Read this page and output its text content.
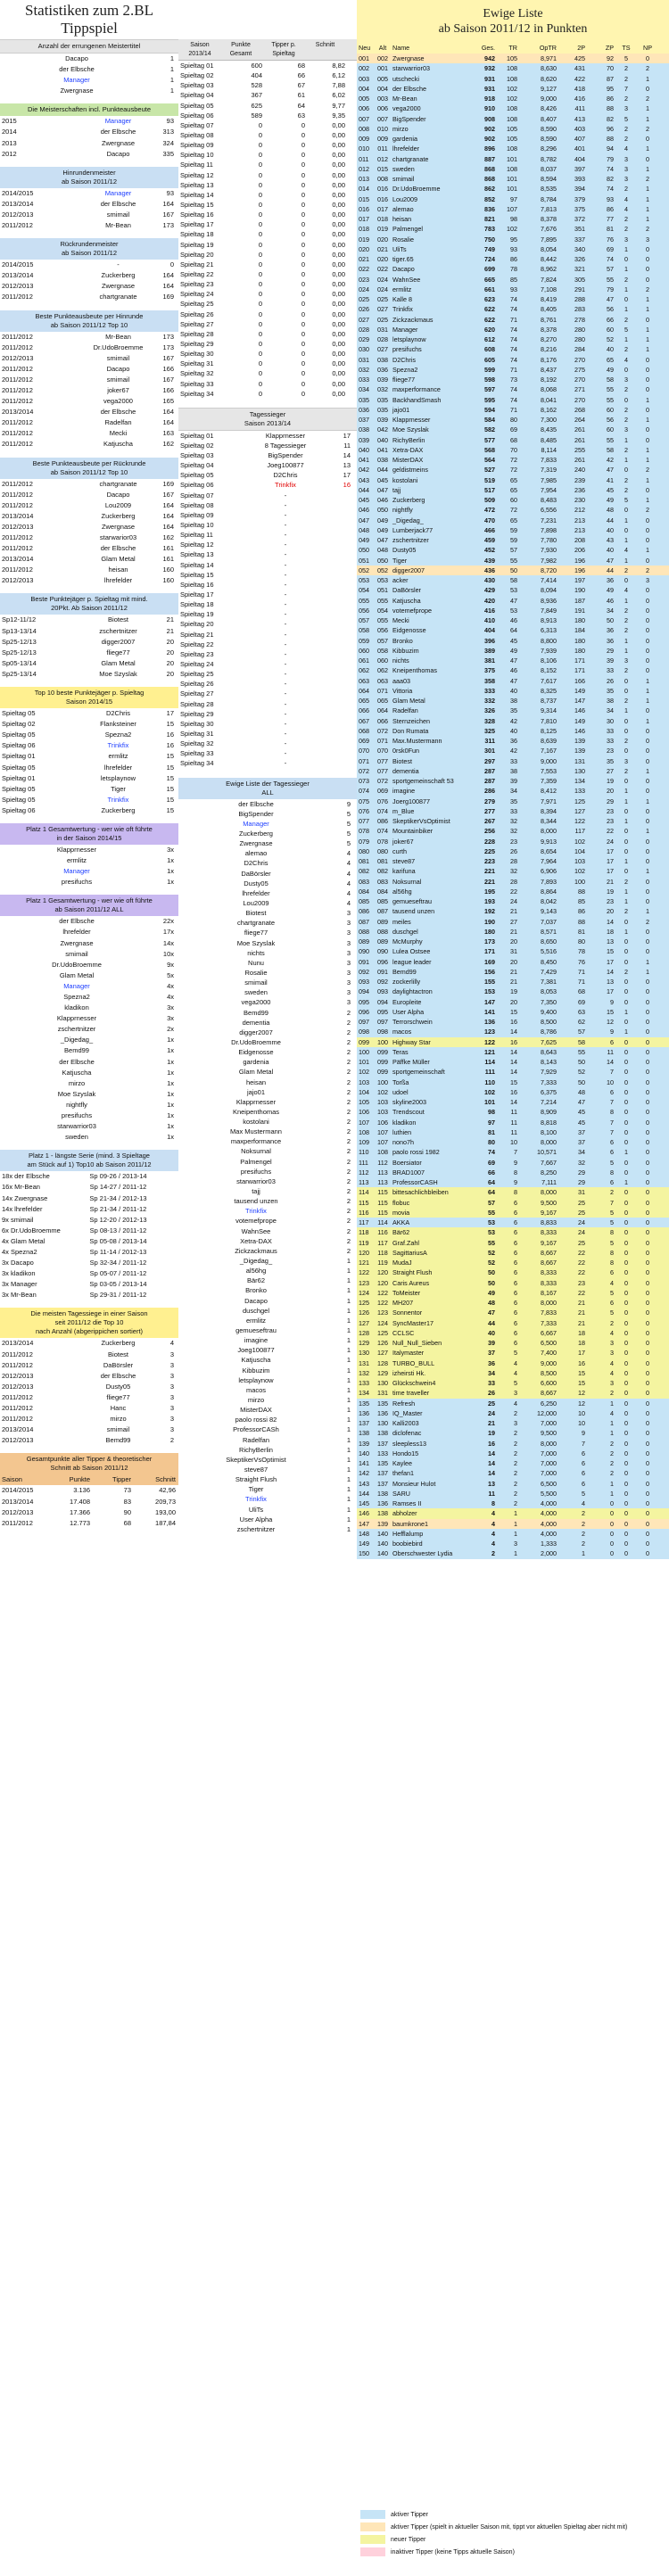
Statistiken zum 2.BL Tippspiel
Anzahl der errungenen Meistertitel
Dacapo	1
der Elbsche	1
Manager	1
Zwergnase	1
Die Meisterschaften incl. Punkteausbeute
2015	Manager	93
2014	der Elbsche	313
2013	Zwergnase	324
2012	Dacapo	335
Hinrundenmeister
ab Saison 2011/12
2014/2015	Manager	93
2013/2014	der Elbsche	164
2012/2013	smimail	167
2011/2012	Mr-Bean	173
Rückrundenmeister
ab Saison 2011/12
2014/2015	-	0
2013/2014	Zuckerberg	164
2012/2013	Zwergnase	164
2011/2012	chartgranate	169
Beste Punkteausbeute per Hinrunde
ab Saison 2011/12 Top 10
2011/2012	Mr-Bean	173
2011/2012	Dr.UdoBroemme	173
2012/2013	smimail	167
2011/2012	Dacapo	166
2011/2012	smimail	167
2011/2012	joker67	166
2011/2012	vega2000	165
2013/2014	der Elbsche	164
2011/2012	Radelfan	164
2011/2012	Mecki	163
2011/2012	Katjuscha	162
Beste Punkteausbeute per Rückrunde
ab Saison 2011/12 Top 10
2011/2012	chartgranate	169
2011/2012	Dacapo	167
2011/2012	Lou2009	164
2013/2014	Zuckerberg	164
2012/2013	Zwergnase	164
2011/2012	starwarior03	162
2011/2012	der Elbsche	161
2013/2014	Glam Metal	161
2011/2012	heisan	160
2012/2013	lhrefelder	160
Beste Punktejäger p. Spieltag mit mind.
20Pkt. Ab Saison 2011/12
Sp12-11/12	Biotest	21
Sp13-13/14	zschertnitzer	21
Sp25-12/13	digger2007	20
Sp25-12/13	fliege77	20
Sp05-13/14	Glam Metal	20
Sp25-13/14	Moe Szyslak	20
Top 10 beste Punktejäger p. Spieltag
Saison 2014/15
Spieltag 05	D2Chris	17
Spieltag 02	Flanksteiner	15
Spieltag 05	Spezna2	16
Spieltag 06	Trinkfix	16
Spieltag 01	ermlitz	15
Spieltag 05	lhrefelder	15
Spieltag 01	letsplaynow	15
Spieltag 05	Tiger	15
Spieltag 05	Trinkfix	15
Spieltag 06	Zuckerberg	15
Platz 1 Gesamtwertung - wer wie oft führte
in der Saison 2014/15
Klapprnesser	3x
ermlitz	1x
Manager	1x
presifuchs	1x
Platz 1 Gesamtwertung - wer wie oft führte
ab Saison 2011/12 ALL
der Elbsche	22x
lhrefelder	17x
Zwergnase	14x
smimail	10x
Dr.UdoBroemme	9x
Glam Metal	5x
Manager	4x
Spezna2	4x
kladikon	3x
Klapprnesser	3x
zschertnitzer	2x
_Digedag_	1x
Bemd99	1x
der Elbsche	1x
Katjuscha	1x
mirzo	1x
Moe Szyslak	1x
nightfly	1x
presifuchs	1x
starwarrior03	1x
sweden	1x
Platz 1 - längste Serie (mind. 3 Spieltage
am Stück auf 1) Top10 ab Saison 2011/12
18x der Elbsche	Sp 09-26 / 2013-14
16x Mr-Bean	Sp 14-27 / 2011-12
14x Zwergnase	Sp 21-34 / 2012-13
14x lhrefelder	Sp 21-34 / 2011-12
9x smimail	Sp 12-20 / 2012-13
6x Dr.UdoBroemme	Sp 08-13 / 2011-12
4x Glam Metal	Sp 05-08 / 2013-14
4x Spezna2	Sp 11-14 / 2012-13
3x Dacapo	Sp 32-34 / 2011-12
3x kladikon	Sp 05-07 / 2011-12
3x Manager	Sp 03-05 / 2013-14
3x Mr-Bean	Sp 29-31 / 2011-12
Die meisten Tagessiege in einer Saison
seit 2011/12 die Top 10
nach Anzahl (abgerippichen sortiert)
2013/2014	Zuckerberg	4
2011/2012	Biotest	3
2011/2012	DaBörsler	3
2012/2013	der Elbsche	3
2012/2013	Dusty05	3
2011/2012	fliege77	3
2011/2012	Hanc	3
2011/2012	mirzo	3
2013/2014	smimail	3
2012/2013	Bemd99	2
Gesamtpunkte aller Tipper & theoretischer
Schnitt ab Saison 2011/12
Saison	Punkte	Tipper	Schnitt
2014/2015	3.136	73	42,96
2013/2014	17.408	83	209,73
2012/2013	17.366	90	193,00
2011/2012	12.773	68	187,84
Saison 2013/14
Punkte Gesamt
Tipper p. Spieltag
Schnitt
Spieltag 01	600	68	8,82
Spieltag 02	404	66	6,12
Spieltag 03	528	67	7,88
Spieltag 04	367	61	6,02
Spieltag 05	625	64	9,77
Spieltag 06	589	63	9,35
Spieltag 07	0	0	0,00
Spieltag 08	0	0	0,00
Spieltag 09	0	0	0,00
Spieltag 10	0	0	0,00
Spieltag 11	0	0	0,00
Spieltag 12	0	0	0,00
Spieltag 13	0	0	0,00
Spieltag 14	0	0	0,00
Spieltag 15	0	0	0,00
Spieltag 16	0	0	0,00
Spieltag 17	0	0	0,00
Spieltag 18	0	0	0,00
Spieltag 19	0	0	0,00
Spieltag 20	0	0	0,00
Spieltag 21	0	0	0,00
Spieltag 22	0	0	0,00
Spieltag 23	0	0	0,00
Spieltag 24	0	0	0,00
Spieltag 25	0	0	0,00
Spieltag 26	0	0	0,00
Spieltag 27	0	0	0,00
Spieltag 28	0	0	0,00
Spieltag 29	0	0	0,00
Spieltag 30	0	0	0,00
Spieltag 31	0	0	0,00
Spieltag 32	0	0	0,00
Spieltag 33	0	0	0,00
Spieltag 34	0	0	0,00
Tagessieger
Saison 2013/14
Spieltag 01	Klapprnesser	17
Spieltag 02	8 Tagessieger	11
Spieltag 03	BigSpender	14
Spieltag 04	Joeg100877	13
Spieltag 05	D2Chris	17
Spieltag 06	Trinkfix	16
Spieltag 07	-
Spieltag 08	-
Spieltag 09	-
Spieltag 10	-
Spieltag 11	-
Spieltag 12	-
Spieltag 13	-
Spieltag 14	-
Spieltag 15	-
Spieltag 16	-
Spieltag 17	-
Spieltag 18	-
Spieltag 19	-
Spieltag 20	-
Spieltag 21	-
Spieltag 22	-
Spieltag 23	-
Spieltag 24	-
Spieltag 25	-
Spieltag 26	-
Spieltag 27	-
Spieltag 28	-
Spieltag 29	-
Spieltag 30	-
Spieltag 31	-
Spieltag 32	-
Spieltag 33	-
Spieltag 34	-
Ewige Liste der Tagessieger
ALL
der Elbsche	9
BigSpender	5
Manager	5
Zuckerberg	5
Zwergnase	5
alemao	4
D2Chris	4
DaBörsler	4
Dusty05	4
lhrefelder	4
Lou2009	4
Biotest	3
chartgranate	3
fliege77	3
Moe Szyslak	3
nichts	3
Nunu	3
Rosalie	3
smimail	3
sweden	3
vega2000	3
Bemd99	2
dementia	2
digger2007	2
Dr.UdoBroemme	2
Eidgenosse	2
gardenia	2
Glam Metal	2
heisan	2
jajo01	2
Klapprnesser	2
Kneipenthomas	2
kostolani	2
Max Mustermann	2
maxperformance	2
Noksurnal	2
Palmengel	2
presifuchs	2
starwarrior03	2
tajj	2
tausend unzen	2
Trinkfix	2
votemefprope	2
WahnSee	2
Xetra-DAX	2
Zickzackmaus	2
_Digedag_	1
al56hg	1
Bär62	1
Bronko	1
Dacapo	1
duschgel	1
ermlitz	1
gemueseftrau	1
imagine	1
Joeg100877	1
Katjuscha	1
Kibbuzim	1
letsplaynow	1
macos	1
mirzo	1
MisterDAX	1
paolo rossi 82	1
ProfessorCASh	1
Radelfan	1
RichyBerlin	1
SkeptikerVsOptimist	1
steve87	1
Straight Flush	1
Tiger	1
Trinkfix	1
UliTs	1
User Alpha	1
zschertnitzer	1
Ewige Liste
ab Saison 2011/12 in Punkten
Neu	Alt Name	Ges.	TR	OpTR	2P	ZP	TS	NP
001	002 Zwergnase	942	105	8,971	425	92	5	0
002	001 starwarrior03	932	108	8,630	431	70	2	2
003	005 utschecki	931	108	8,620	422	87	2	1
004	004 der Elbsche	931	102	9,127	418	95	7	0
005	003 Mr-Bean	918	102	9,000	416	86	2	2
006	006 vega2000	910	108	8,426	411	88	3	1
007	007 BigSpender	908	108	8,407	413	82	5	1
008	010 mirzo	902	105	8,590	403	96	2	2
009	009 gardenia	902	105	8,590	407	88	2	0
010	011 lhrefelder	896	108	8,296	401	94	4	1
011	012 chartgranate	887	101	8,782	404	79	3	0
012	015 sweden	868	108	8,037	397	74	3	1
013	008 smimail	868	101	8,594	393	82	3	2
014	016 Dr.UdoBroemme	862	101	8,535	394	74	2	1
015	016 Lou2009	852	97	8,784	379	93	4	1
016	017 alemao	836	107	7,813	375	86	4	1
017	018 heisan	821	98	8,378	372	77	2	1
018	019 Palmengel	783	102	7,676	351	81	2	2
019	020 Rosalie	750	95	7,895	337	76	3	3
020	021 UliTs	749	93	8,054	340	69	1	0
021	020 tiger.65	724	86	8,442	326	74	0	0
022	022 Dacapo	699	78	8,962	321	57	1	0
023	024 WahnSee	665	85	7,824	305	55	2	0
024	024 ermlitz	661	93	7,108	291	79	1	2
025	025 Kalle 8	623	74	8,419	288	47	0	1
026	027 Trinkfix	622	74	8,405	283	56	1	1
027	025 Zickzackmaus	622	71	8,761	278	66	2	0
028	031 Manager	620	74	8,378	280	60	5	1
029	028 letsplaynow	612	74	8,270	280	52	1	1
030	027 presifuchs	608	74	8,216	284	40	2	1
031	038 D2Chris	605	74	8,176	270	65	4	0
032	036 Spezna2	599	71	8,437	275	49	0	0
033	039 fliege77	598	73	8,192	270	58	3	0
034	032 maxperformance	597	74	8,068	271	55	2	0
035	035 BackhandSmash	595	74	8,041	270	55	0	1
036	035 jajo01	594	71	8,162	268	60	2	0
037	039 Klapprnesser	584	80	7,300	264	56	2	1
038	042 Moe Szyslak	582	69	8,435	261	60	3	0
039	040 RichyBerlin	577	68	8,485	261	55	1	0
040	041 Xetra-DAX	568	70	8,114	255	58	2	1
041	038 MisterDAX	564	72	7,833	261	42	1	1
042	044 geldistmeins	527	72	7,319	240	47	0	2
043	045 kostolani	519	65	7,985	239	41	2	1
044	047 tajj	517	65	7,954	236	45	2	0
045	046 Zuckerberg	509	60	8,483	230	49	5	1
046	050 nightfly	472	72	6,556	212	48	0	2
047	049 _Digedag_	470	65	7,231	213	44	1	0
048	049 Lumberjack77	466	59	7,898	213	40	0	0
049	047 zschertnitzer	459	59	7,780	208	43	1	0
050	048 Dusty05	452	57	7,930	206	40	4	1
051	050 Tiger	439	55	7,982	196	47	1	0
052	052 digger2007	436	50	8,720	196	44	2	2
053	053 acker	430	58	7,414	197	36	0	3
054	051 DaBörsler	429	53	8,094	190	49	4	0
055	055 Katjuscha	420	47	8,936	187	46	1	0
056	054 votemefprope	416	53	7,849	191	34	2	0
057	055 Mecki	410	46	8,913	180	50	2	0
058	056 Eidgenosse	404	64	6,313	184	36	2	0
059	057 Bronko	396	45	8,800	180	36	1	0
060	058 Kibbuzim	389	49	7,939	180	29	1	0
061	060 nichts	381	47	8,106	171	39	3	0
062	062 Kneipenthomas	375	46	8,152	171	33	2	0
063	063 aaa03	358	47	7,617	166	26	0	1
064	071 Vittoria	333	40	8,325	149	35	0	1
065	065 Glam Metal	332	38	8,737	147	38	2	1
066	064 Radelfan	326	35	9,314	146	34	1	0
067	066 Sternzeichen	328	42	7,810	149	30	0	1
068	072 Don Rumata	325	40	8,125	146	33	0	0
069	071 Max.Mustermann	311	36	8,639	139	33	2	0
070	070 0rsk0Fun	301	42	7,167	139	23	0	0
071	077 Biotest	297	33	9,000	131	35	3	0
072	077 dementia	287	38	7,553	130	27	2	1
073	072 sportgemeinschaft 53	287	39	7,359	134	19	0	0
074	069 imagine	286	34	8,412	133	20	1	0
075	076 Joerg100877	279	35	7,971	125	29	1	1
076	074 m_Blue	277	33	8,394	127	23	0	0
077	086 SkeptikerVsOptimist	267	32	8,344	122	23	1	0
078	074 Mountainbiker	256	32	8,000	117	22	0	1
079	078 joker67	228	23	9,913	102	24	0	0
080	080 curth	225	26	8,654	104	17	0	0
081	081 steve87	223	28	7,964	103	17	1	0
082	082 karifuna	221	32	6,906	102	17	0	1
083	083 Noksurnal	221	28	7,893	100	21	2	0
084	084 al56hg	195	22	8,864	88	19	1	0
085	085 gemueseftrau	193	24	8,042	85	23	1	0
086	087 tausend unzen	192	21	9,143	86	20	2	1
087	089 meiles	190	27	7,037	88	14	0	2
088	088 duschgel	180	21	8,571	81	18	1	0
089	089 McMurphy	173	20	8,650	80	13	0	0
090	090 Lulea Ostsee	171	31	5,516	78	15	0	0
091	096 league leader	169	20	8,450	76	17	0	1
092	091 Bemd99	156	21	7,429	71	14	2	1
093	092 zockerlilly	155	21	7,381	71	13	0	0
094	093 daylightactron	153	19	8,053	68	17	0	0
095	094 Europleite	147	20	7,350	69	9	0	0
096	095 User Alpha	141	15	9,400	63	15	1	0
097	097 Terrorschwein	136	16	8,500	62	12	0	0
098	098 macos	123	14	8,786	57	9	1	0
099	100 Highway Star	122	16	7,625	58	6	0	0
100	099 Teras	121	14	8,643	55	11	0	0
101	099 Päffke Müller	114	14	8,143	50	14	0	0
102	099 sportgemeinschaft	111	14	7,929	52	7	0	0
103	100 Torßa	110	15	7,333	50	10	0	0
104	102 udoel	102	16	6,375	48	6	0	0
105	103 skyline2003	101	14	7,214	47	7	0	0
106	103 Trendscout	98	11	8,909	45	8	0	0
107	106 kladikon	97	11	8,818	45	7	0	0
108	107 luthien	81	11	8,100	37	7	0	0
109	107 nono7h	80	10	8,000	37	6	0	0
110	108 paolo rossi 1982	74	7	10,571	34	6	1	0
111	112 Boersiator	69	9	7,667	32	5	0	0
112	113 BRAD1007	66	8	8,250	29	8	0	0
113	113 ProfessorCASH	64	9	7,111	29	6	1	0
114	115 bittesachlichbleiben	64	8	8,000	31	2	0	0
115	115 flobuc	57	6	9,500	25	7	0	0
116	115 movia	55	6	9,167	25	5	0	0
117	114 AKKA	53	6	8,833	24	5	0	0
118	116 Bär62	53	6	8,333	24	8	0	0
119	117 Graf.Zahl	55	6	9,167	25	5	0	0
120	118 SagittariusA	52	6	8,667	22	8	0	0
121	119 MudaJ	52	6	8,667	22	8	0	0
122	120 Straight Flush	50	6	8,333	22	6	0	0
123	120 Caris Aureus	50	6	8,333	23	4	0	0
124	122 ToMeister	49	6	8,167	22	5	0	0
125	122 MH207	48	6	8,000	21	6	0	0
126	123 Sonnentor	47	6	7,833	21	5	0	0
127	124 SyncMaster17	44	6	7,333	21	2	0	0
128	125 CCLSC	40	6	6,667	18	4	0	0
129	126 Null_Null_Sieben	39	6	6,500	18	3	0	0
130	127 Italymaster	37	5	7,400	17	3	0	0
131	128 TURBO_BULL	36	4	9,000	16	4	0	0
132	129 izheirsti Hk.	34	4	8,500	15	4	0	0
133	130 Glückschwein4	33	5	6,600	15	3	0	0
134	131 time traveller	26	3	8,667	12	2	0	0
135	135 Refresh	25	4	6,250	12	1	0	0
136	136 IQ_Master	24	2	12,000	10	4	0	0
137	130 Kalli2003	21	3	7,000	10	1	0	0
138	138 diclofenac	19	2	9,500	9	1	0	0
139	137 sleepless13	16	2	8,000	7	2	0	0
140	133 Hondo15	14	2	7,000	6	2	0	0
141	135 Kaylee	14	2	7,000	6	2	0	0
142	137 thefan1	14	2	7,000	6	2	0	0
143	137 Monsieur Hulot	13	2	6,500	6	1	0	0
144	138 SARU	11	2	5,500	5	1	0	0
145	136 Ramses II	8	2	4,000	4	0	0	0
146	138 abholzer	4	1	4,000	2	0	0	0
147	139 baumkrone1	4	1	4,000	2	0	0	0
148	140 Hefflalump	4	1	4,000	2	0	0	0
149	140 boobiebird	4	3	1,333	2	0	0	0
150	140 Oberschwester Lydia	2	1	2,000	1	0	0	0
aktiver Tipper
aktiver Tipper (spielt in aktueller Saison mit, tippt vor aktuellen Spieltag aber nicht mit)
neuer Tipper
inaktiver Tipper (keine Tipps aktuelle Saison)
